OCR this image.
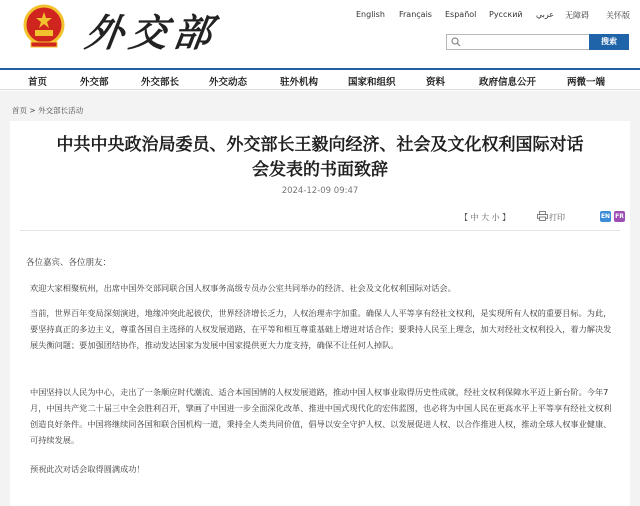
外交部	English Français Español Русский عربي 无障碍 关怀版
搜索
首页	外交部	外交部长	外交动态	驻外机构	国家和组织	资料	政府信息公开	两微一端
首页 > 外交部长活动
中共中央政治局委员、外交部长王毅向经济、社会及文化权利国际对话
会发表的书面致辞
2024-12-09 09:47
【 中 大 小 】	打印	EN FR
各位嘉宾、各位朋友：
欢迎大家相聚杭州，出席中国外交部同联合国人权事务高级专员办公室共同举办的经济、社会及文化权利国际对话会。
当前，世界百年变局深刻演进，地缘冲突此起彼伏，世界经济增长乏力，人权治理赤字加重。确保人人平等享有经社文权利，是实现所有人权的重要目标。为此，要坚持真正的多边主义，尊重各国自主选择的人权发展道路，在平等和相互尊重基础上增进对话合作；要秉持人民至上理念，加大对经社文权利投入，着力解决发展失衡问题；要加强团结协作，推动发达国家为发展中国家提供更大力度支持，确保不让任何人掉队。
中国坚持以人民为中心，走出了一条顺应时代潮流、适合本国国情的人权发展道路，推动中国人权事业取得历史性成就，经社文权利保障水平迈上新台阶。今年7月，中国共产党二十届三中全会胜利召开，擘画了中国进一步全面深化改革、推进中国式现代化的宏伟蓝图，也必将为中国人民在更高水平上平等享有经社文权利创造良好条件。中国将继续同各国和联合国机构一道，秉持全人类共同价值，倡导以安全守护人权、以发展促进人权、以合作推进人权，推动全球人权事业健康、可持续发展。
预祝此次对话会取得圆满成功！
